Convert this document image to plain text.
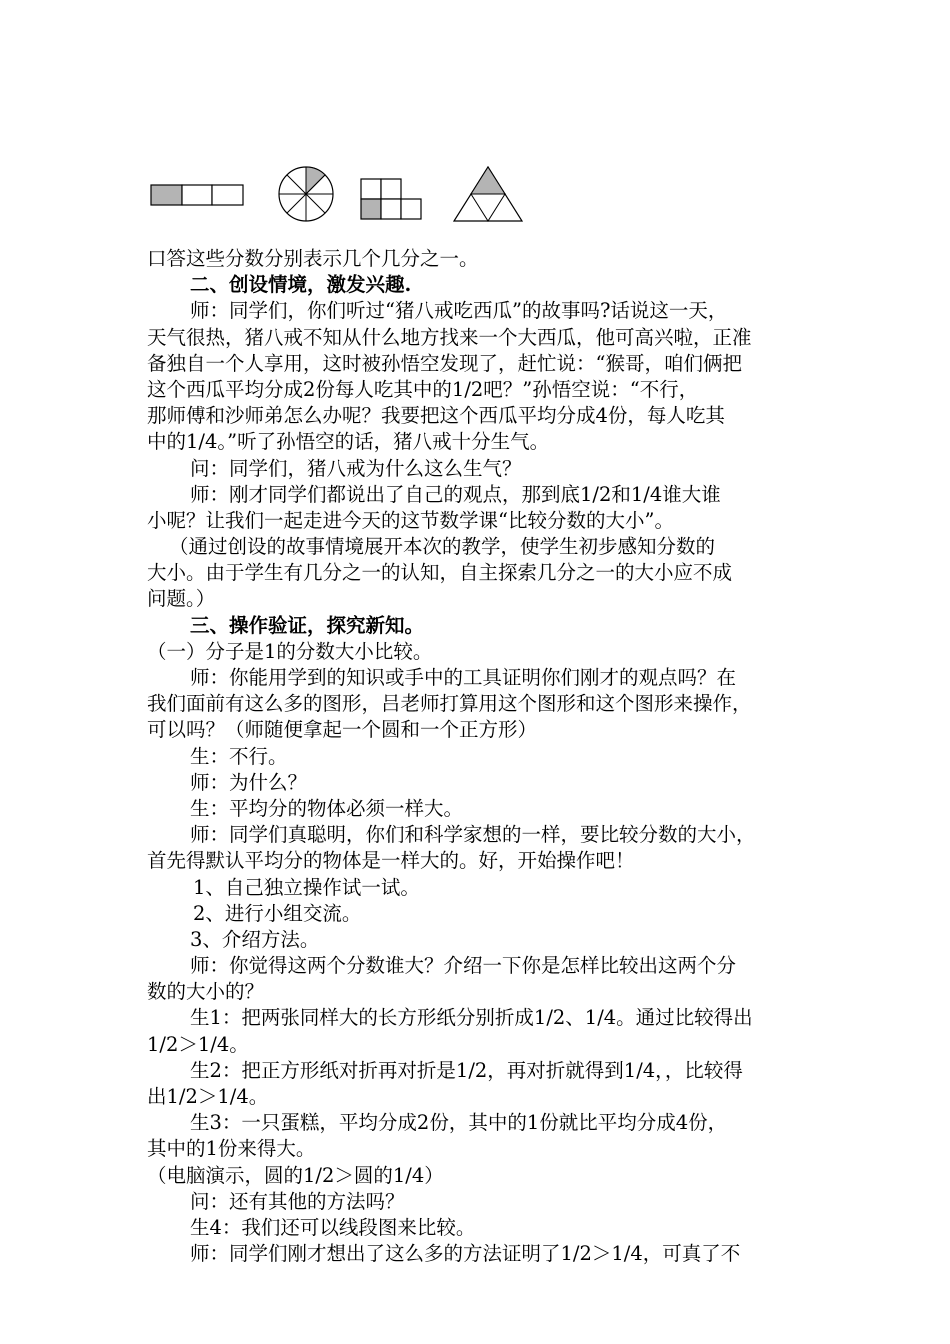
口答这些分数分别表示几个几分之一。
二、创设情境，激发兴趣.
师：同学们，你们听过“猪八戒吃西瓜”的故事吗?话说这一天，
天气很热，猪八戒不知从什么地方找来一个大西瓜，他可高兴啦，正准
备独自一个人享用，这时被孙悟空发现了，赶忙说：“猴哥，咱们俩把
这个西瓜平均分成2份每人吃其中的1/2吧？”孙悟空说：“不行，
那师傅和沙师弟怎么办呢？我要把这个西瓜平均分成4份，每人吃其
中的1/4。”听了孙悟空的话，猪八戒十分生气。
问：同学们，猪八戒为什么这么生气？
师：刚才同学们都说出了自己的观点，那到底1/2和1/4谁大谁
小呢？让我们一起走进今天的这节数学课“比较分数的大小”。
（通过创设的故事情境展开本次的教学，使学生初步感知分数的
大小。由于学生有几分之一的认知，自主探索几分之一的大小应不成
问题。）
三、操作验证，探究新知。
（一）分子是1的分数大小比较。
师：你能用学到的知识或手中的工具证明你们刚才的观点吗？在
我们面前有这么多的图形，吕老师打算用这个图形和这个图形来操作，
可以吗？（师随便拿起一个圆和一个正方形）
生：不行。
师：为什么？
生：平均分的物体必须一样大。
师：同学们真聪明，你们和科学家想的一样，要比较分数的大小，
首先得默认平均分的物体是一样大的。好，开始操作吧！
1、自己独立操作试一试。
2、进行小组交流。
3、介绍方法。
师：你觉得这两个分数谁大？介绍一下你是怎样比较出这两个分
数的大小的？
生1：把两张同样大的长方形纸分别折成1/2、1/4。通过比较得出
1/2＞1/4。
生2：把正方形纸对折再对折是1/2，再对折就得到1/4，，比较得
出1/2＞1/4。
生3：一只蛋糕，平均分成2份，其中的1份就比平均分成4份，
其中的1份来得大。
（电脑演示，圆的1/2＞圆的1/4）
问：还有其他的方法吗？
生4：我们还可以线段图来比较。
师：同学们刚才想出了这么多的方法证明了1/2＞1/4，可真了不
